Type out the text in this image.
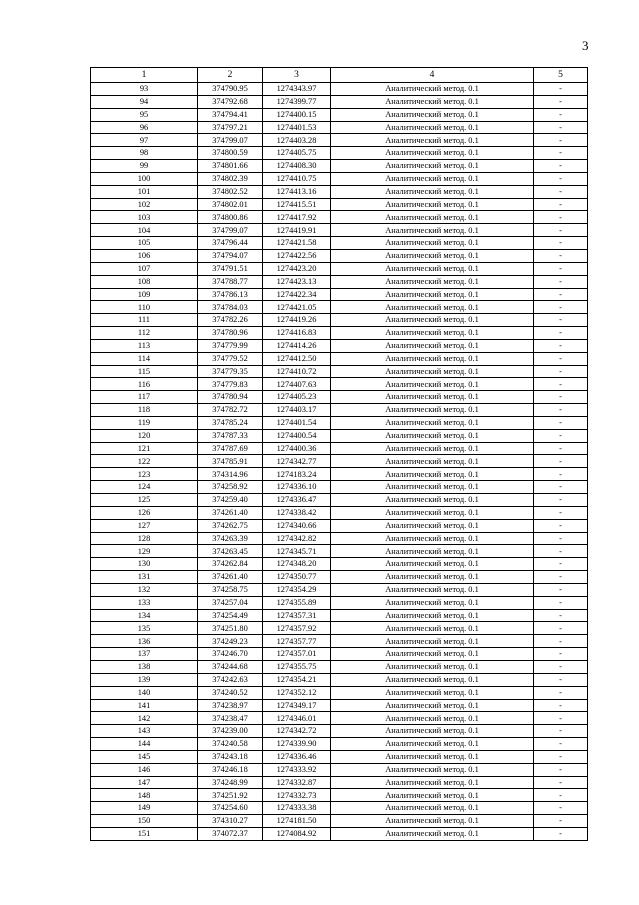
3
1	2	3	4	5
93	374790.95	1274343.97	Аналитический метод. 0.1	-
94	374792.68	1274399.77	Аналитический метод. 0.1	-
95	374794.41	1274400.15	Аналитический метод. 0.1	-
96	374797.21	1274401.53	Аналитический метод. 0.1	-
97	374799.07	1274403.28	Аналитический метод. 0.1	-
98	374800.59	1274405.75	Аналитический метод. 0.1	-
99	374801.66	1274408.30	Аналитический метод. 0.1	-
100	374802.39	1274410.75	Аналитический метод. 0.1	-
101	374802.52	1274413.16	Аналитический метод. 0.1	-
102	374802.01	1274415.51	Аналитический метод. 0.1	-
103	374800.86	1274417.92	Аналитический метод. 0.1	-
104	374799.07	1274419.91	Аналитический метод. 0.1	-
105	374796.44	1274421.58	Аналитический метод. 0.1	-
106	374794.07	1274422.56	Аналитический метод. 0.1	-
107	374791.51	1274423.20	Аналитический метод. 0.1	-
108	374788.77	1274423.13	Аналитический метод. 0.1	-
109	374786.13	1274422.34	Аналитический метод. 0.1	-
110	374784.03	1274421.05	Аналитический метод. 0.1	-
111	374782.26	1274419.26	Аналитический метод. 0.1	-
112	374780.96	1274416.83	Аналитический метод. 0.1	-
113	374779.99	1274414.26	Аналитический метод. 0.1	-
114	374779.52	1274412.50	Аналитический метод. 0.1	-
115	374779.35	1274410.72	Аналитический метод. 0.1	-
116	374779.83	1274407.63	Аналитический метод. 0.1	-
117	374780.94	1274405.23	Аналитический метод. 0.1	-
118	374782.72	1274403.17	Аналитический метод. 0.1	-
119	374785.24	1274401.54	Аналитический метод. 0.1	-
120	374787.33	1274400.54	Аналитический метод. 0.1	-
121	374787.69	1274400.36	Аналитический метод. 0.1	-
122	374785.91	1274342.77	Аналитический метод. 0.1	-
123	374314.96	1274183.24	Аналитический метод. 0.1	-
124	374258.92	1274336.10	Аналитический метод. 0.1	-
125	374259.40	1274336.47	Аналитический метод. 0.1	-
126	374261.40	1274338.42	Аналитический метод. 0.1	-
127	374262.75	1274340.66	Аналитический метод. 0.1	-
128	374263.39	1274342.82	Аналитический метод. 0.1	-
129	374263.45	1274345.71	Аналитический метод. 0.1	-
130	374262.84	1274348.20	Аналитический метод. 0.1	-
131	374261.40	1274350.77	Аналитический метод. 0.1	-
132	374258.75	1274354.29	Аналитический метод. 0.1	-
133	374257.04	1274355.89	Аналитический метод. 0.1	-
134	374254.49	1274357.31	Аналитический метод. 0.1	-
135	374251.80	1274357.92	Аналитический метод. 0.1	-
136	374249.23	1274357.77	Аналитический метод. 0.1	-
137	374246.70	1274357.01	Аналитический метод. 0.1	-
138	374244.68	1274355.75	Аналитический метод. 0.1	-
139	374242.63	1274354.21	Аналитический метод. 0.1	-
140	374240.52	1274352.12	Аналитический метод. 0.1	-
141	374238.97	1274349.17	Аналитический метод. 0.1	-
142	374238.47	1274346.01	Аналитический метод. 0.1	-
143	374239.00	1274342.72	Аналитический метод. 0.1	-
144	374240.58	1274339.90	Аналитический метод. 0.1	-
145	374243.18	1274336.46	Аналитический метод. 0.1	-
146	374246.18	1274333.92	Аналитический метод. 0.1	-
147	374248.99	1274332.87	Аналитический метод. 0.1	-
148	374251.92	1274332.73	Аналитический метод. 0.1	-
149	374254.60	1274333.38	Аналитический метод. 0.1	-
150	374310.27	1274181.50	Аналитический метод. 0.1	-
151	374072.37	1274084.92	Аналитический метод. 0.1	-
